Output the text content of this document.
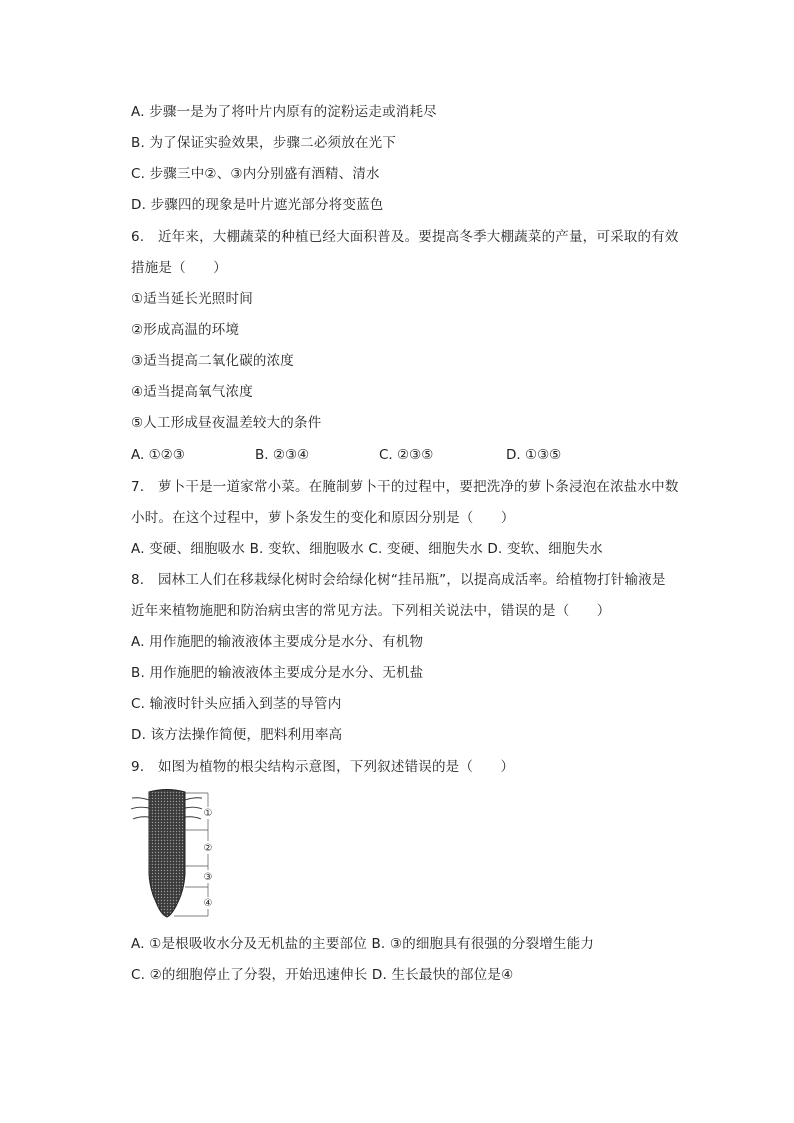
A. 步骤一是为了将叶片内原有的淀粉运走或消耗尽
B. 为了保证实验效果，步骤二必须放在光下
C. 步骤三中②、③内分别盛有酒精、清水
D. 步骤四的现象是叶片遮光部分将变蓝色
6.　近年来，大棚蔬菜的种植已经大面积普及。要提高冬季大棚蔬菜的产量，可采取的有效
措施是（　　）
①适当延长光照时间
②形成高温的环境
③适当提高二氧化碳的浓度
④适当提高氧气浓度
⑤人工形成昼夜温差较大的条件
A. ①②③	B. ②③④	C. ②③⑤	D. ①③⑤
7.　萝卜干是一道家常小菜。在腌制萝卜干的过程中，要把洗净的萝卜条浸泡在浓盐水中数
小时。在这个过程中，萝卜条发生的变化和原因分别是（　　）
A. 变硬、细胞吸水 B. 变软、细胞吸水 C. 变硬、细胞失水 D. 变软、细胞失水
8.　园林工人们在移栽绿化树时会给绿化树“挂吊瓶”，以提高成活率。给植物打针输液是
近年来植物施肥和防治病虫害的常见方法。下列相关说法中，错误的是（　　）
A. 用作施肥的输液液体主要成分是水分、有机物
B. 用作施肥的输液液体主要成分是水分、无机盐
C. 输液时针头应插入到茎的导管内
D. 该方法操作简便，肥料利用率高
9.　如图为植物的根尖结构示意图，下列叙述错误的是（　　）
①
②
③
④
A. ①是根吸收水分及无机盐的主要部位 B. ③的细胞具有很强的分裂增生能力
C. ②的细胞停止了分裂，开始迅速伸长 D. 生长最快的部位是④
